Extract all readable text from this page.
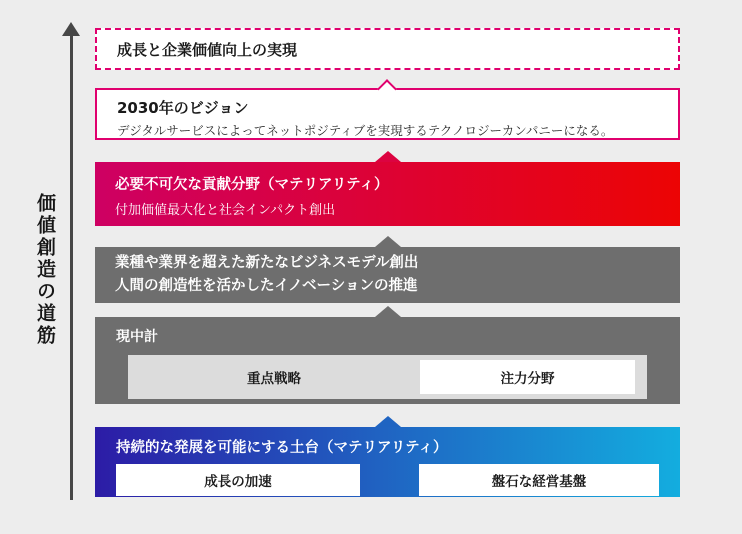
価値創造の道筋
成長と企業価値向上の実現
2030年のビジョン
デジタルサービスによってネットポジティブを実現するテクノロジーカンパニーになる。
必要不可欠な貢献分野（マテリアリティ）
付加価値最大化と社会インパクト創出
業種や業界を超えた新たなビジネスモデル創出
人間の創造性を活かしたイノベーションの推進
現中計
重点戦略	注力分野
持続的な発展を可能にする土台（マテリアリティ）
成長の加速	盤石な経営基盤
